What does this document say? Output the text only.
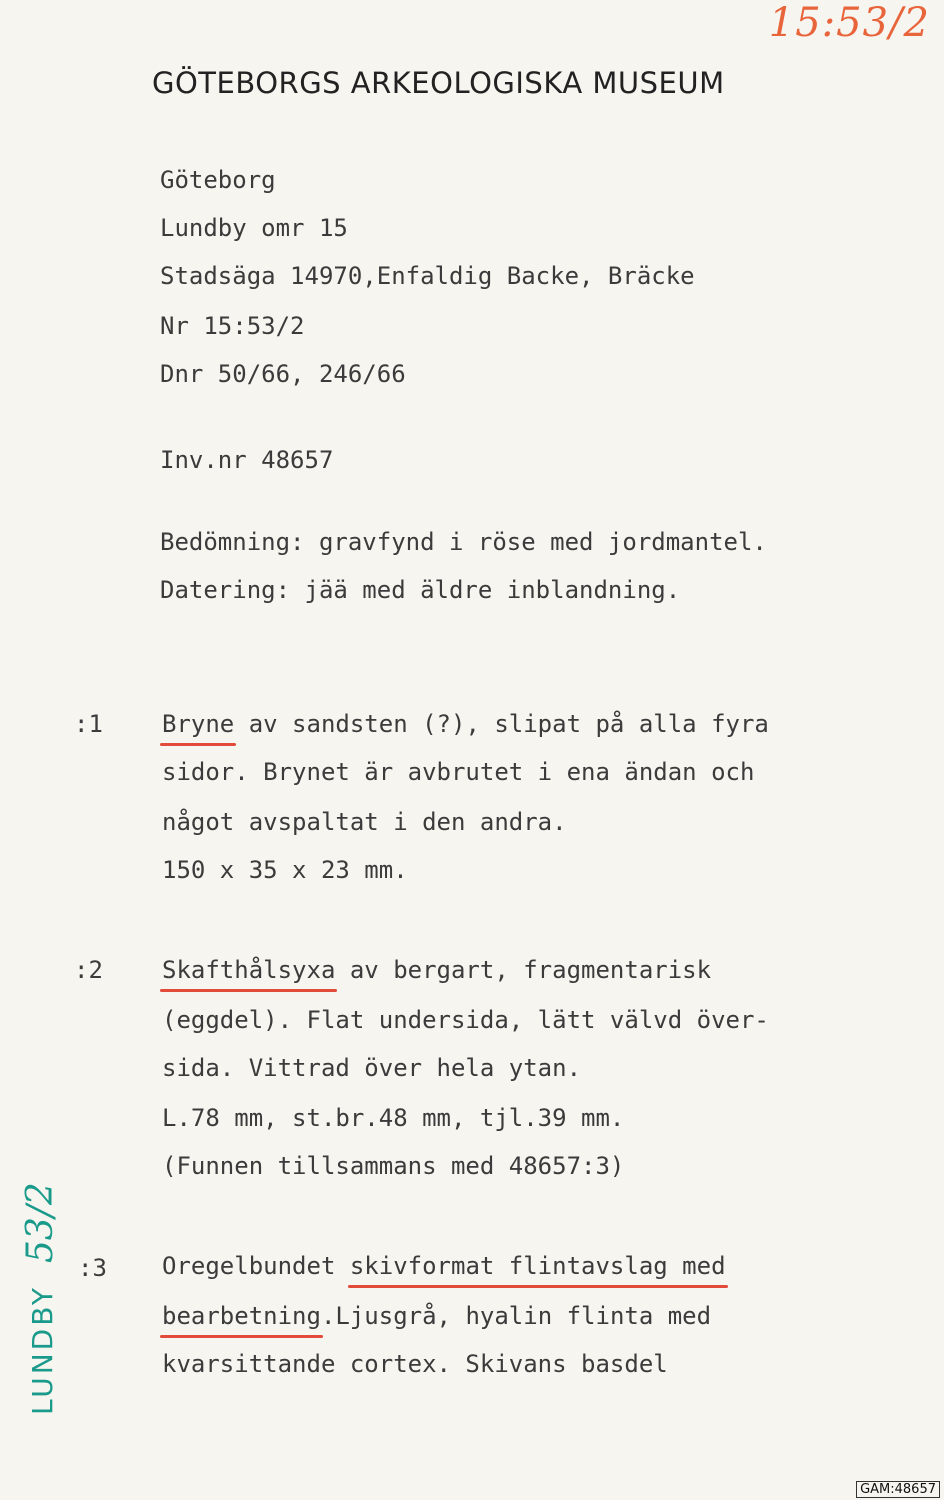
15:53/2
GÖTEBORGS ARKEOLOGISKA MUSEUM
Göteborg
Lundby omr 15
Stadsäga 14970,Enfaldig Backe, Bräcke
Nr 15:53/2
Dnr 50/66, 246/66
Inv.nr 48657
Bedömning: gravfynd i röse med jordmantel.
Datering: jää med äldre inblandning.
:1 Bryne av sandsten (?), slipat på alla fyra
sidor. Brynet är avbrutet i ena ändan och
något avspaltat i den andra.
150 x 35 x 23 mm.
:2 Skafthålsyxa av bergart, fragmentarisk
(eggdel). Flat undersida, lätt välvd över-
sida. Vittrad över hela ytan.
L.78 mm, st.br.48 mm, tjl.39 mm.
(Funnen tillsammans med 48657:3)
:3 Oregelbundet skivformat flintavslag med
bearbetning.Ljusgrå, hyalin flinta med
kvarsittande cortex. Skivans basdel
LUNDBY53/2
GAM:48657
